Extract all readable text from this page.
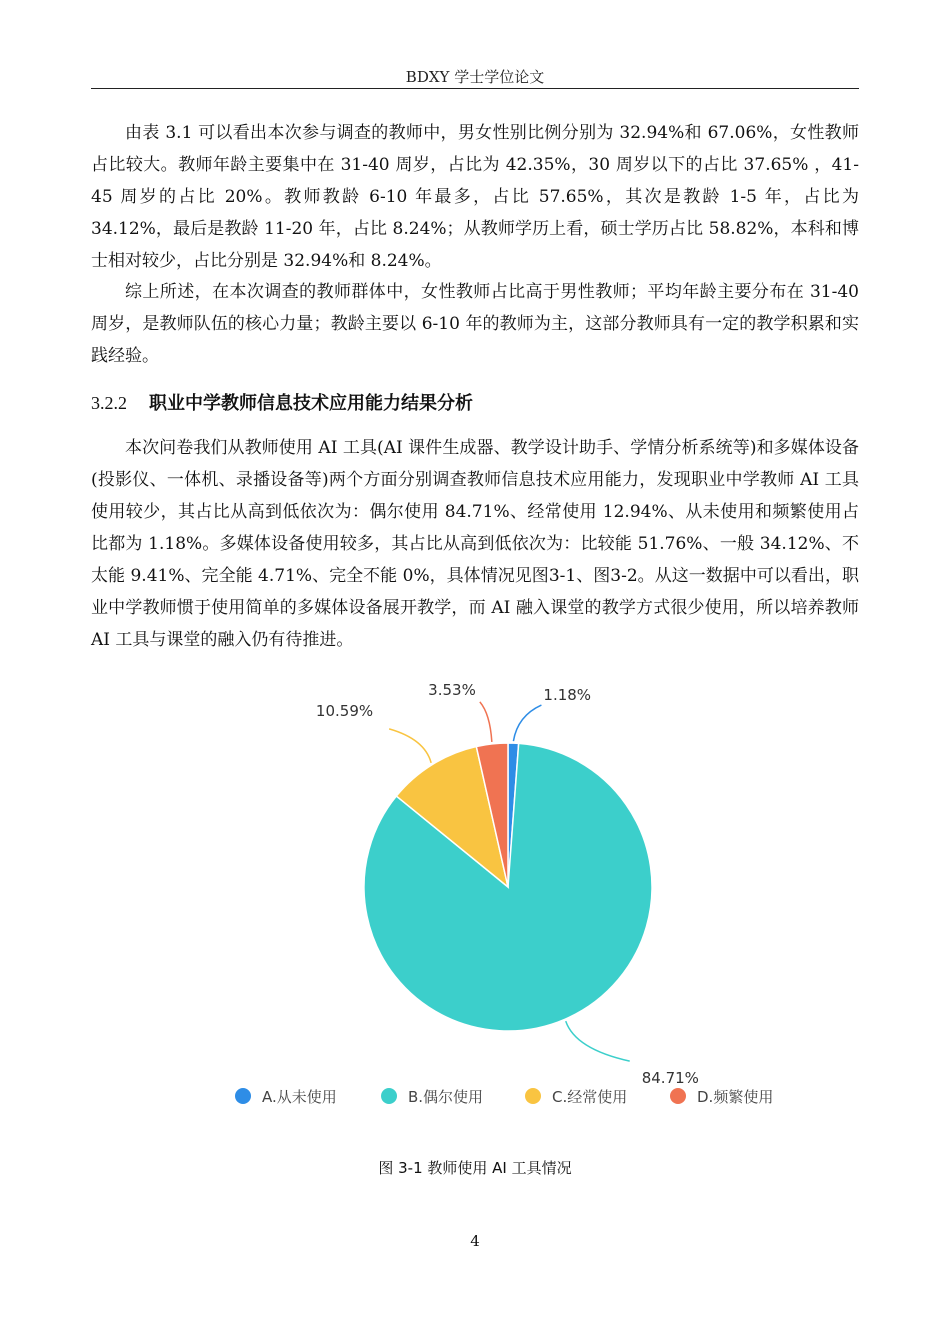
BDXY 学士学位论文

由表 3.1 可以看出本次参与调查的教师中，男女性别比例分别为 32.94%和 67.06%，女性教师占比较大。教师年龄主要集中在 31-40 周岁，占比为 42.35%，30 周岁以下的占比 37.65% ，41-45 周岁的占比 20%。教师教龄 6-10 年最多，占比 57.65%，其次是教龄 1-5 年，占比为 34.12%，最后是教龄 11-20 年，占比 8.24%；从教师学历上看，硕士学历占比 58.82%，本科和博士相对较少，占比分别是 32.94%和 8.24%。

综上所述，在本次调查的教师群体中，女性教师占比高于男性教师；平均年龄主要分布在 31-40 周岁，是教师队伍的核心力量；教龄主要以 6-10 年的教师为主，这部分教师具有一定的教学积累和实践经验。

3.2.2 职业中学教师信息技术应用能力结果分析

本次问卷我们从教师使用 AI 工具(AI 课件生成器、教学设计助手、学情分析系统等)和多媒体设备(投影仪、一体机、录播设备等)两个方面分别调查教师信息技术应用能力，发现职业中学教师 AI 工具使用较少，其占比从高到低依次为：偶尔使用 84.71%、经常使用 12.94%、从未使用和频繁使用占比都为 1.18%。多媒体设备使用较多，其占比从高到低依次为：比较能 51.76%、一般 34.12%、不太能 9.41%、完全能 4.71%、完全不能 0%，具体情况见图3-1、图3-2。从这一数据中可以看出，职业中学教师惯于使用简单的多媒体设备展开教学，而 AI 融入课堂的教学方式很少使用，所以培养教师 AI 工具与课堂的融入仍有待推进。

1.18%
84.71%
10.59%
3.53%
A.从未使用	B.偶尔使用	C.经常使用	D.频繁使用
图 3-1 教师使用 AI 工具情况
4
